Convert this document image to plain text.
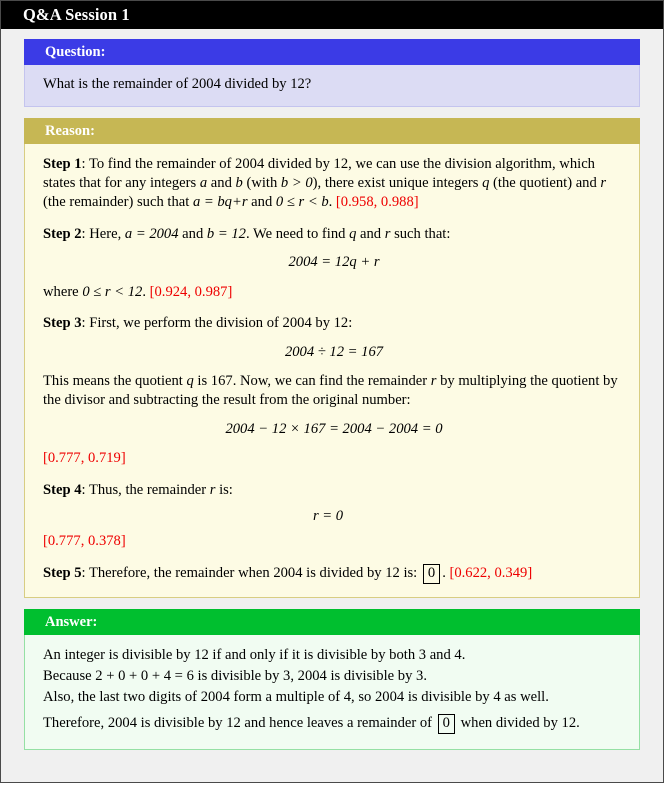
Q&A Session 1
Question:
What is the remainder of 2004 divided by 12?
Reason:
Step 1: To find the remainder of 2004 divided by 12, we can use the division algorithm, which states that for any integers a and b (with b > 0), there exist unique integers q (the quotient) and r (the remainder) such that a = bq+r and 0 ≤ r < b. [0.958, 0.988]
Step 2: Here, a = 2004 and b = 12. We need to find q and r such that:
2004 = 12q + r
where 0 ≤ r < 12. [0.924, 0.987]
Step 3: First, we perform the division of 2004 by 12:
2004 ÷ 12 = 167
This means the quotient q is 167. Now, we can find the remainder r by multiplying the quotient by the divisor and subtracting the result from the original number:
2004 − 12 × 167 = 2004 − 2004 = 0
[0.777, 0.719]
Step 4: Thus, the remainder r is:
r = 0
[0.777, 0.378]
Step 5: Therefore, the remainder when 2004 is divided by 12 is: 0 . [0.622, 0.349]
Answer:
An integer is divisible by 12 if and only if it is divisible by both 3 and 4.
Because 2 + 0 + 0 + 4 = 6 is divisible by 3, 2004 is divisible by 3.
Also, the last two digits of 2004 form a multiple of 4, so 2004 is divisible by 4 as well.
Therefore, 2004 is divisible by 12 and hence leaves a remainder of 0 when divided by 12.
